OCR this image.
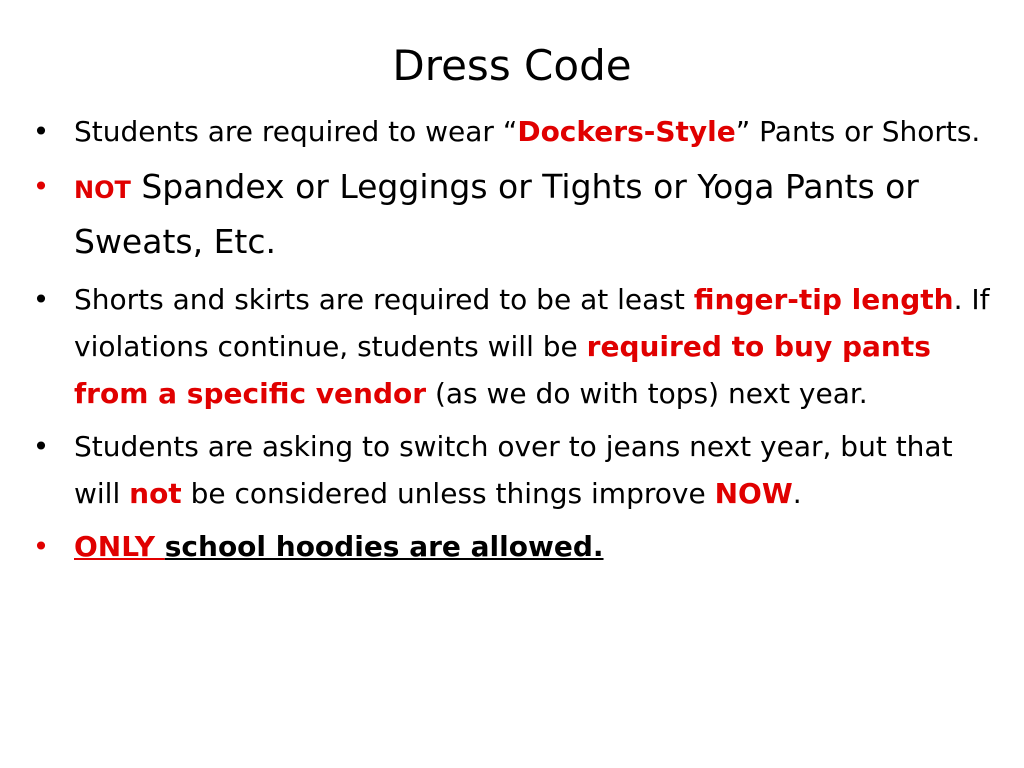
Dress Code
• Students are required to wear “Dockers-Style” Pants or Shorts.
• NOT Spandex or Leggings or Tights or Yoga Pants or Sweats, Etc.
• Shorts and skirts are required to be at least finger-tip length. If violations continue, students will be required to buy pants from a specific vendor (as we do with tops) next year.
• Students are asking to switch over to jeans next year, but that will not be considered unless things improve NOW.
• ONLY school hoodies are allowed.
